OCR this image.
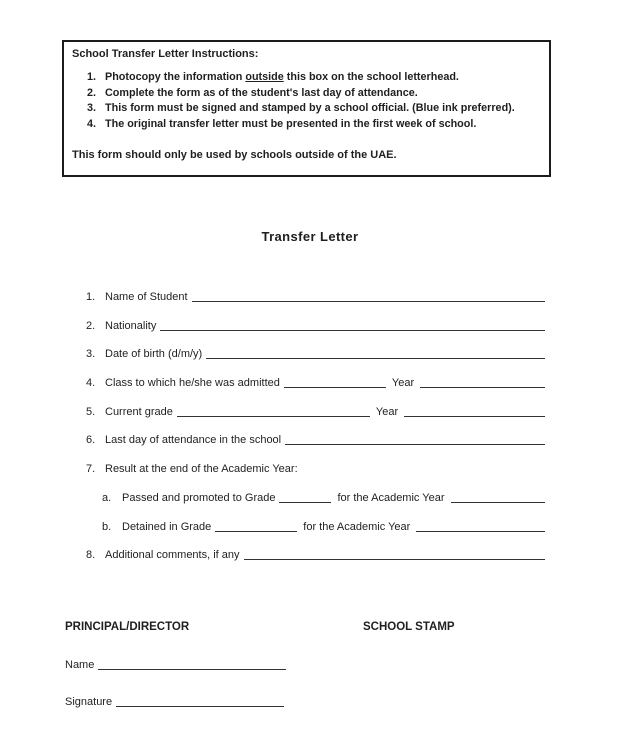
School Transfer Letter Instructions:
1. Photocopy the information outside this box on the school letterhead.
2. Complete the form as of the student's last day of attendance.
3. This form must be signed and stamped by a school official. (Blue ink preferred).
4. The original transfer letter must be presented in the first week of school.
This form should only be used by schools outside of the UAE.
Transfer Letter
1. Name of Student
2. Nationality
3. Date of birth (d/m/y)
4. Class to which he/she was admitted	Year
5. Current grade	Year
6. Last day of attendance in the school
7. Result at the end of the Academic Year:
a. Passed and promoted to Grade	for the Academic Year
b. Detained in Grade	for the Academic Year
8. Additional comments, if any
PRINCIPAL/DIRECTOR	SCHOOL STAMP
Name
Signature
